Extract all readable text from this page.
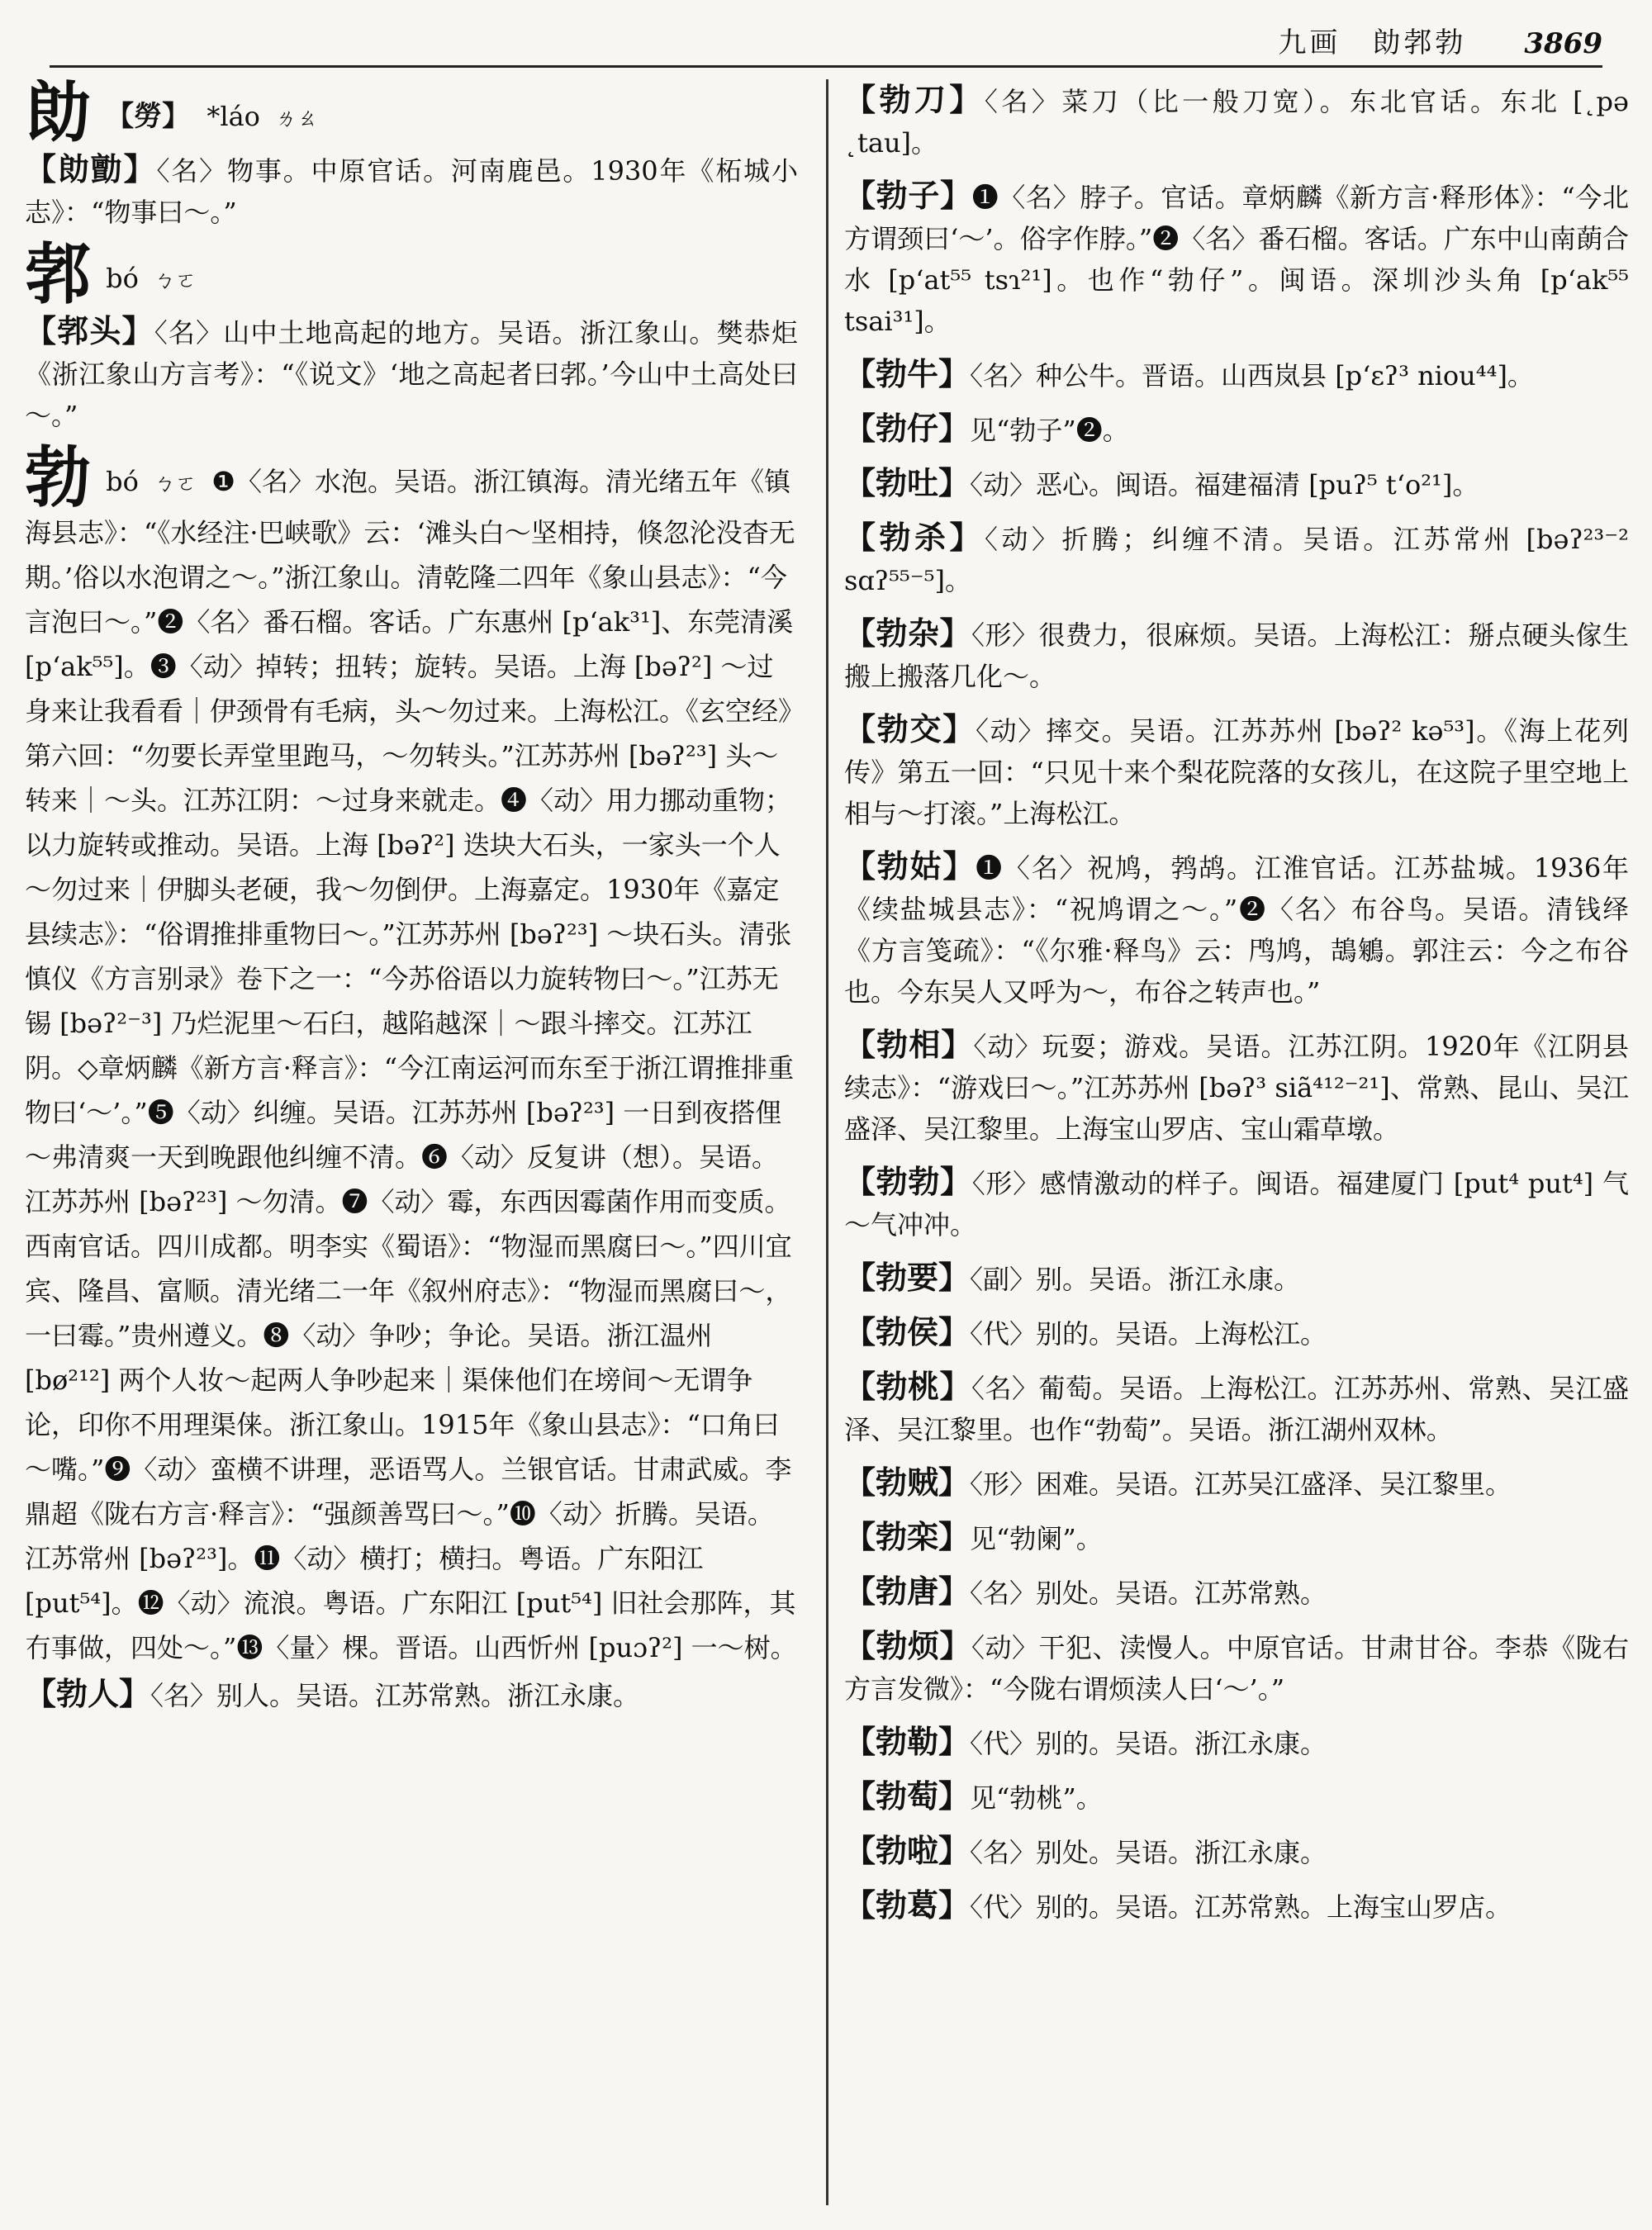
九画　勆郣勃 3869
勆 【勞】 *láo ㄌㄠ
【勆勯】〈名〉物事。中原官话。河南鹿邑。1930年《柘城小志》：“物事曰～。”
郣 bó ㄅㄛ
【郣头】〈名〉山中土地高起的地方。吴语。浙江象山。樊恭炬《浙江象山方言考》：“《说文》‘地之高起者曰郣。’今山中土高处曰～。”
勃 bó ㄅㄛ ❶〈名〉水泡。吴语。浙江镇海。清光绪五年《镇海县志》：“《水经注·巴峡歌》云：‘滩头白～坚相持，倏忽沦没杳无期。’俗以水泡谓之～。”浙江象山。清乾隆二四年《象山县志》：“今言泡曰～。”❷〈名〉番石榴。客话。广东惠州 [pʻak³¹]、东莞清溪 [pʻak⁵⁵]。❸〈动〉掉转；扭转；旋转。吴语。上海 [bəʔ²] ～过身来让我看看｜伊颈骨有毛病，头～勿过来。上海松江。《玄空经》第六回：“勿要长弄堂里跑马，～勿转头。”江苏苏州 [bəʔ²³] 头～转来｜～头。江苏江阴：～过身来就走。❹〈动〉用力挪动重物；以力旋转或推动。吴语。上海 [bəʔ²] 迭块大石头，一家头一个人～勿过来｜伊脚头老硬，我～勿倒伊。上海嘉定。1930年《嘉定县续志》：“俗谓推排重物曰～。”江苏苏州 [bəʔ²³] ～块石头。清张慎仪《方言别录》卷下之一：“今苏俗语以力旋转物曰～。”江苏无锡 [bəʔ²⁻³] 乃烂泥里～石臼，越陷越深｜～跟斗摔交。江苏江阴。◇章炳麟《新方言·释言》：“今江南运河而东至于浙江谓推排重物曰‘～’。”❺〈动〉纠缠。吴语。江苏苏州 [bəʔ²³] 一日到夜搭俚～弗清爽一天到晚跟他纠缠不清。❻〈动〉反复讲（想）。吴语。江苏苏州 [bəʔ²³] ～勿清。❼〈动〉霉，东西因霉菌作用而变质。西南官话。四川成都。明李实《蜀语》：“物湿而黑腐曰～。”四川宜宾、隆昌、富顺。清光绪二一年《叙州府志》：“物湿而黑腐曰～，一曰霉。”贵州遵义。❽〈动〉争吵；争论。吴语。浙江温州 [bø²¹²] 两个人妆～起两人争吵起来｜渠俫他们在塝间～无谓争论，印你不用理渠俫。浙江象山。1915年《象山县志》：“口角曰～嘴。”❾〈动〉蛮横不讲理，恶语骂人。兰银官话。甘肃武威。李鼎超《陇右方言·释言》：“强颜善骂曰～。”❿〈动〉折腾。吴语。江苏常州 [bəʔ²³]。⓫〈动〉横打；横扫。粤语。广东阳江 [put⁵⁴]。⓬〈动〉流浪。粤语。广东阳江 [put⁵⁴] 旧社会那阵，其冇事做，四处～。”⓭〈量〉棵。晋语。山西忻州 [puɔʔ²] 一～树。
【勃人】〈名〉别人。吴语。江苏常熟。浙江永康。
【勃刀】〈名〉菜刀（比一般刀宽）。东北官话。东北 [˛pə ˛tau]。
【勃子】❶〈名〉脖子。官话。章炳麟《新方言·释形体》：“今北方谓颈曰‘～’。俗字作脖。”❷〈名〉番石榴。客话。广东中山南蓢合水 [pʻat⁵⁵ tsɿ²¹]。也作“勃仔”。闽语。深圳沙头角 [pʻak⁵⁵ tsai³¹]。
【勃牛】〈名〉种公牛。晋语。山西岚县 [pʻɛʔ³ niou⁴⁴]。
【勃仔】见“勃子”❷。
【勃吐】〈动〉恶心。闽语。福建福清 [puʔ⁵ tʻo²¹]。
【勃杀】〈动〉折腾；纠缠不清。吴语。江苏常州 [bəʔ²³⁻² sɑʔ⁵⁵⁻⁵]。
【勃杂】〈形〉很费力，很麻烦。吴语。上海松江：掰点硬头傢生搬上搬落几化～。
【勃交】〈动〉摔交。吴语。江苏苏州 [bəʔ² kə⁵³]。《海上花列传》第五一回：“只见十来个梨花院落的女孩儿，在这院子里空地上相与～打滚。”上海松江。
【勃姑】❶〈名〉祝鸠，鹁鸪。江淮官话。江苏盐城。1936年《续盐城县志》：“祝鸠谓之～。”❷〈名〉布谷鸟。吴语。清钱绎《方言笺疏》：“《尔雅·释鸟》云：鸤鸠，鴶鵴。郭注云：今之布谷也。今东吴人又呼为～，布谷之转声也。”
【勃相】〈动〉玩耍；游戏。吴语。江苏江阴。1920年《江阴县续志》：“游戏曰～。”江苏苏州 [bəʔ³ siã⁴¹²⁻²¹]、常熟、昆山、吴江盛泽、吴江黎里。上海宝山罗店、宝山霜草墩。
【勃勃】〈形〉感情激动的样子。闽语。福建厦门 [put⁴ put⁴] 气～气冲冲。
【勃要】〈副〉别。吴语。浙江永康。
【勃侯】〈代〉别的。吴语。上海松江。
【勃桃】〈名〉葡萄。吴语。上海松江。江苏苏州、常熟、吴江盛泽、吴江黎里。也作“勃萄”。吴语。浙江湖州双林。
【勃贼】〈形〉困难。吴语。江苏吴江盛泽、吴江黎里。
【勃栾】见“勃阑”。
【勃唐】〈名〉别处。吴语。江苏常熟。
【勃烦】〈动〉干犯、渎慢人。中原官话。甘肃甘谷。李恭《陇右方言发微》：“今陇右谓烦渎人曰‘～’。”
【勃勒】〈代〉别的。吴语。浙江永康。
【勃萄】见“勃桃”。
【勃啦】〈名〉别处。吴语。浙江永康。
【勃葛】〈代〉别的。吴语。江苏常熟。上海宝山罗店。
